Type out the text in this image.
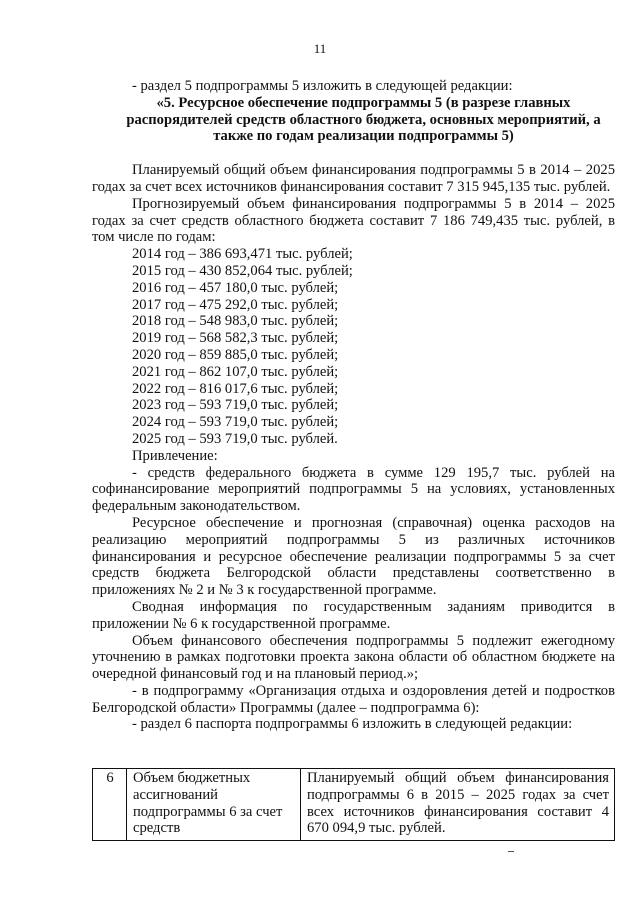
11

- раздел 5 подпрограммы 5 изложить в следующей редакции:

«5. Ресурсное обеспечение подпрограммы 5 (в разрезе главных распорядителей средств областного бюджета, основных мероприятий, а также по годам реализации подпрограммы 5)

Планируемый общий объем финансирования подпрограммы 5 в 2014 – 2025 годах за счет всех источников финансирования составит 7 315 945,135 тыс. рублей.

Прогнозируемый объем финансирования подпрограммы 5 в 2014 – 2025 годах за счет средств областного бюджета составит 7 186 749,435 тыс. рублей, в том числе по годам:

2014 год – 386 693,471 тыс. рублей;

2015 год – 430 852,064 тыс. рублей;

2016 год – 457 180,0 тыс. рублей;

2017 год – 475 292,0 тыс. рублей;

2018 год – 548 983,0 тыс. рублей;

2019 год – 568 582,3 тыс. рублей;

2020 год – 859 885,0 тыс. рублей;

2021 год – 862 107,0 тыс. рублей;

2022 год – 816 017,6 тыс. рублей;

2023 год – 593 719,0 тыс. рублей;

2024 год – 593 719,0 тыс. рублей;

2025 год – 593 719,0 тыс. рублей.

Привлечение:

- средств федерального бюджета в сумме 129 195,7 тыс. рублей на софинансирование мероприятий подпрограммы 5 на условиях, установленных федеральным законодательством.

Ресурсное обеспечение и прогнозная (справочная) оценка расходов на реализацию мероприятий подпрограммы 5 из различных источников финансирования и ресурсное обеспечение реализации подпрограммы 5 за счет средств бюджета Белгородской области представлены соответственно в приложениях № 2 и № 3 к государственной программе.

Сводная информация по государственным заданиям приводится в приложении № 6 к государственной программе.

Объем финансового обеспечения подпрограммы 5 подлежит ежегодному уточнению в рамках подготовки проекта закона области об областном бюджете на очередной финансовый год и на плановый период.»;

- в подпрограмму «Организация отдыха и оздоровления детей и подростков Белгородской области» Программы (далее – подпрограмма 6):

- раздел 6 паспорта подпрограммы 6 изложить в следующей редакции:

6	Объем бюджетных ассигнований подпрограммы 6 за счет средств	Планируемый общий объем финансирования подпрограммы 6 в 2015 – 2025 годах за счет всех источников финансирования составит 4 670 094,9 тыс. рублей.
